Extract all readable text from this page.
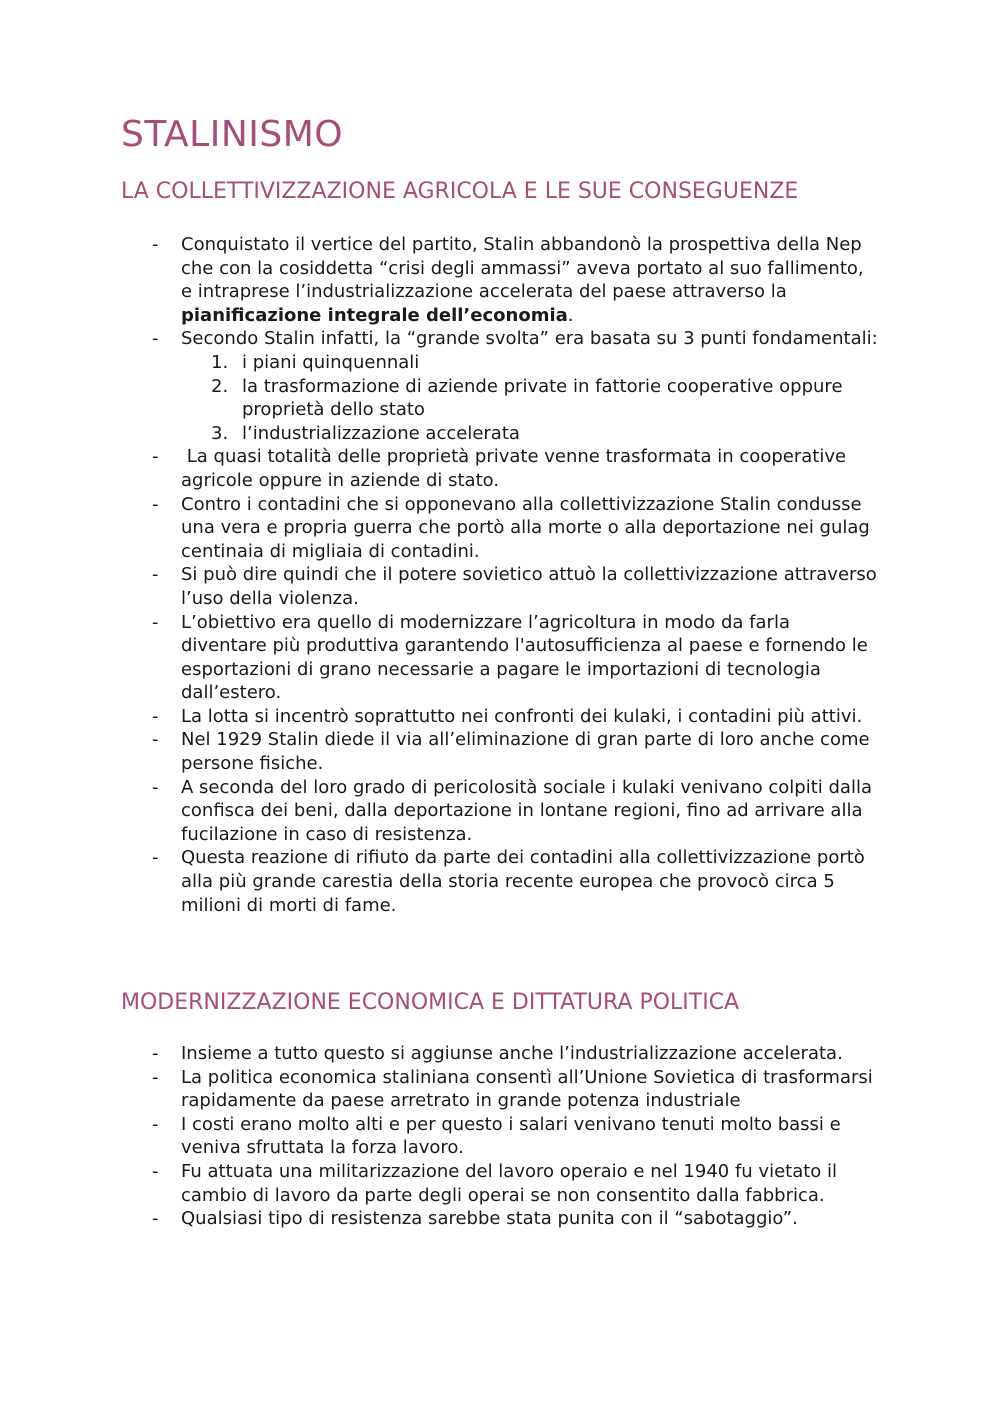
STALINISMO
LA COLLETTIVIZZAZIONE AGRICOLA E LE SUE CONSEGUENZE
- Conquistato il vertice del partito, Stalin abbandonò la prospettiva della Nep che con la cosiddetta “crisi degli ammassi” aveva portato al suo fallimento, e intraprese l’industrializzazione accelerata del paese attraverso la pianificazione integrale dell’economia.
- Secondo Stalin infatti, la “grande svolta” era basata su 3 punti fondamentali:
i piani quinquennali
la trasformazione di aziende private in fattorie cooperative oppure proprietà dello stato
l’industrializzazione accelerata
-  La quasi totalità delle proprietà private venne trasformata in cooperative agricole oppure in aziende di stato.
- Contro i contadini che si opponevano alla collettivizzazione Stalin condusse una vera e propria guerra che portò alla morte o alla deportazione nei gulag centinaia di migliaia di contadini.
- Si può dire quindi che il potere sovietico attuò la collettivizzazione attraverso l’uso della violenza.
- L’obiettivo era quello di modernizzare l’agricoltura in modo da farla diventare più produttiva garantendo l'autosufficienza al paese e fornendo le esportazioni di grano necessarie a pagare le importazioni di tecnologia dall’estero.
- La lotta si incentrò soprattutto nei confronti dei kulaki, i contadini più attivi.
- Nel 1929 Stalin diede il via all’eliminazione di gran parte di loro anche come persone fisiche.
- A seconda del loro grado di pericolosità sociale i kulaki venivano colpiti dalla confisca dei beni, dalla deportazione in lontane regioni, fino ad arrivare alla fucilazione in caso di resistenza.
- Questa reazione di rifiuto da parte dei contadini alla collettivizzazione portò alla più grande carestia della storia recente europea che provocò circa 5 milioni di morti di fame.
MODERNIZZAZIONE ECONOMICA E DITTATURA POLITICA
- Insieme a tutto questo si aggiunse anche l’industrializzazione accelerata.
- La politica economica staliniana consentì all’Unione Sovietica di trasformarsi rapidamente da paese arretrato in grande potenza industriale
- I costi erano molto alti e per questo i salari venivano tenuti molto bassi e veniva sfruttata la forza lavoro.
- Fu attuata una militarizzazione del lavoro operaio e nel 1940 fu vietato il cambio di lavoro da parte degli operai se non consentito dalla fabbrica.
- Qualsiasi tipo di resistenza sarebbe stata punita con il “sabotaggio”.
